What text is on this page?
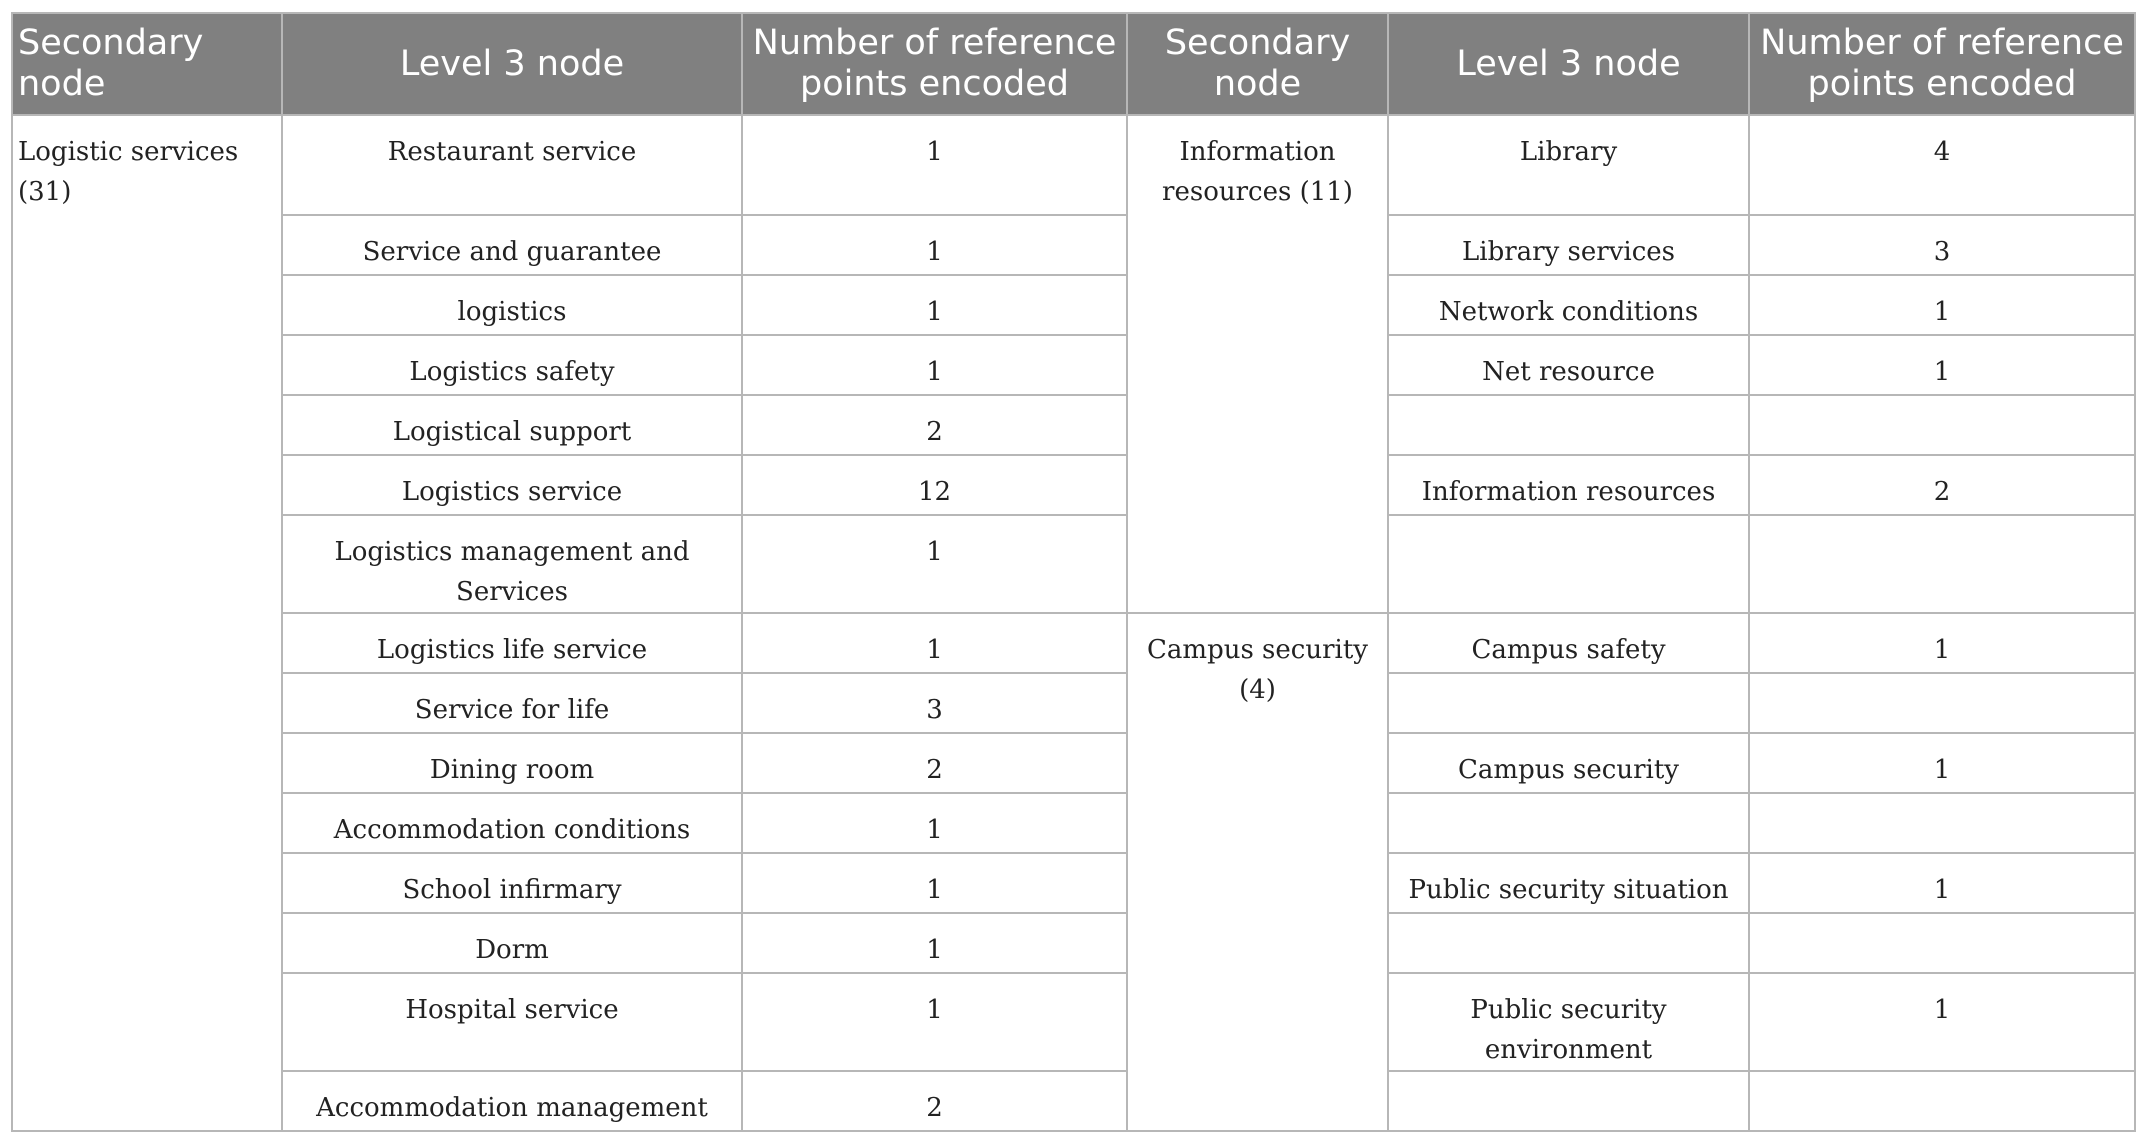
Secondary node	Level 3 node	Number of reference points encoded	Secondary node	Level 3 node	Number of reference points encoded
Logistic services (31)	Restaurant service	1	Information resources (11)	Library	4
	Service and guarantee	1		Library services	3
	logistics	1		Network conditions	1
	Logistics safety	1		Net resource	1
	Logistical support	2			
	Logistics service	12		Information resources	2
	Logistics management and Services	1			
	Logistics life service	1	Campus security (4)	Campus safety	1
	Service for life	3			
	Dining room	2		Campus security	1
	Accommodation conditions	1			
	School infirmary	1		Public security situation	1
	Dorm	1			
	Hospital service	1		Public security environment	1
	Accommodation management	2			
